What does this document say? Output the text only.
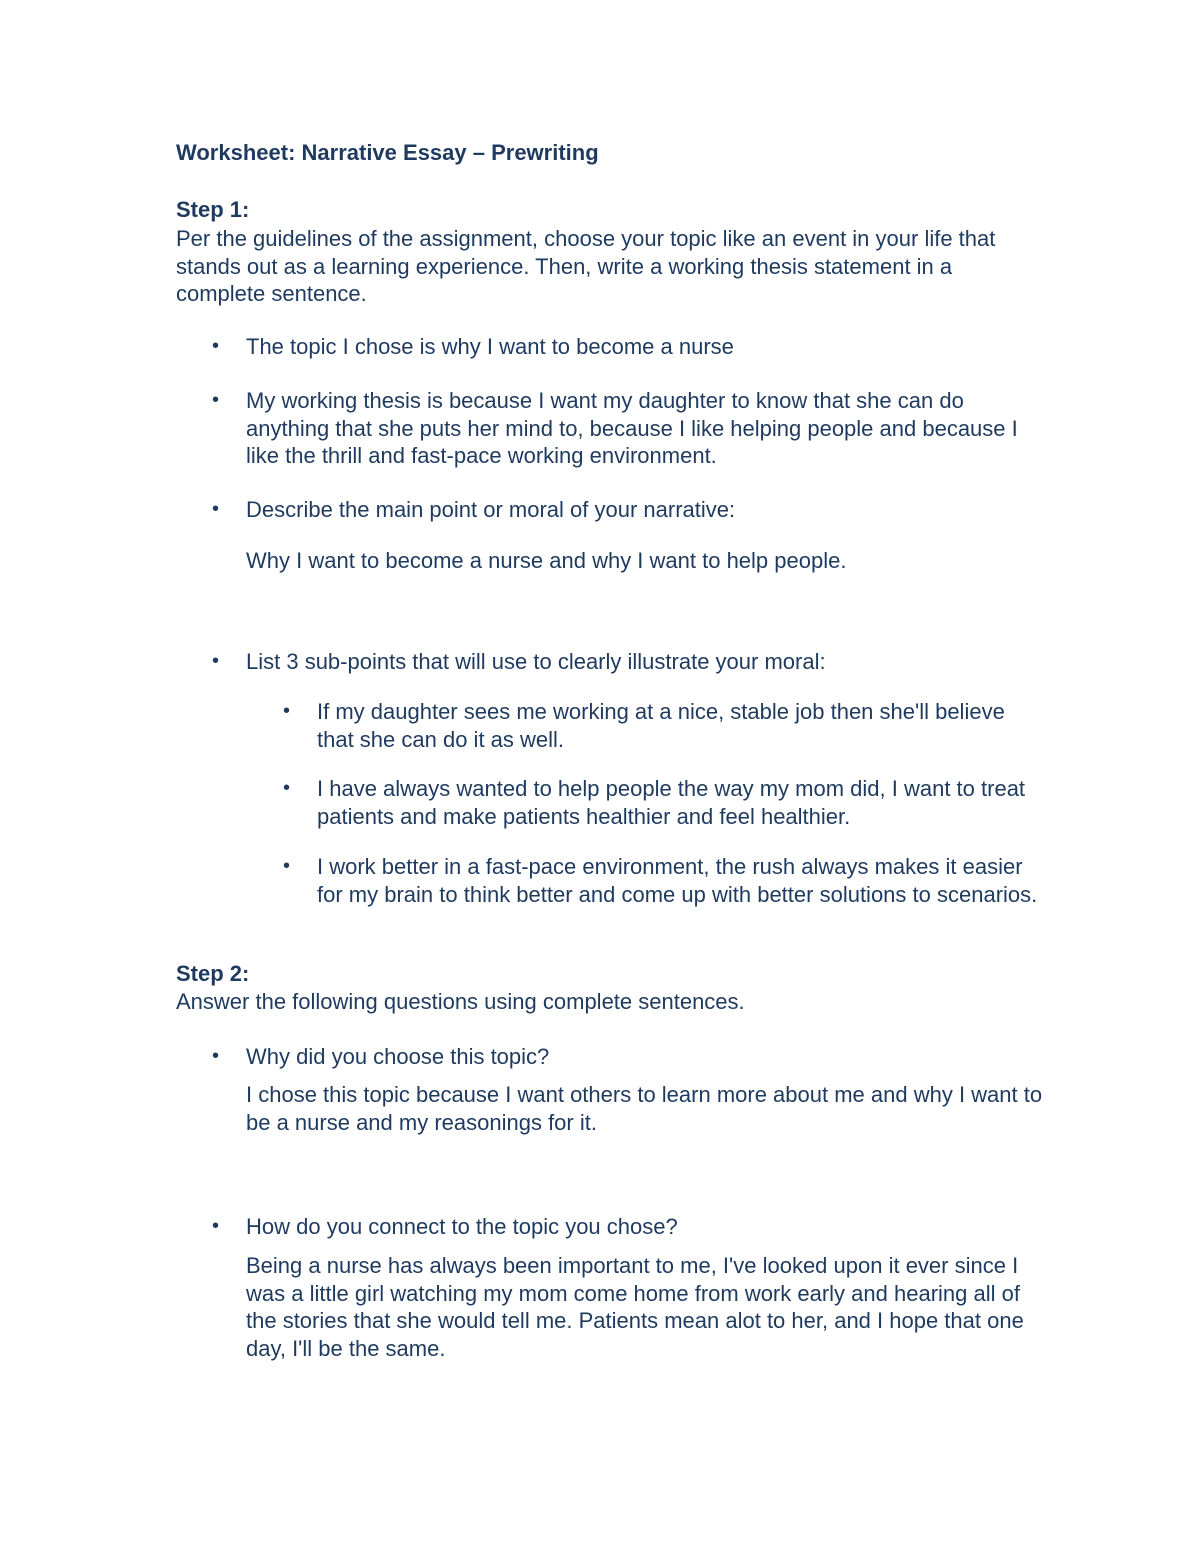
Worksheet: Narrative Essay – Prewriting
Step 1:
Per the guidelines of the assignment, choose your topic like an event in your life that stands out as a learning experience. Then, write a working thesis statement in a complete sentence.
• The topic I chose is why I want to become a nurse
• My working thesis is because I want my daughter to know that she can do anything that she puts her mind to, because I like helping people and because I like the thrill and fast-pace working environment.
• Describe the main point or moral of your narrative:
Why I want to become a nurse and why I want to help people.
• List 3 sub-points that will use to clearly illustrate your moral:
• If my daughter sees me working at a nice, stable job then she'll believe that she can do it as well.
• I have always wanted to help people the way my mom did, I want to treat patients and make patients healthier and feel healthier.
• I work better in a fast-pace environment, the rush always makes it easier for my brain to think better and come up with better solutions to scenarios.
Step 2:
Answer the following questions using complete sentences.
• Why did you choose this topic?
I chose this topic because I want others to learn more about me and why I want to be a nurse and my reasonings for it.
• How do you connect to the topic you chose?
Being a nurse has always been important to me, I've looked upon it ever since I was a little girl watching my mom come home from work early and hearing all of the stories that she would tell me. Patients mean alot to her, and I hope that one day, I'll be the same.
